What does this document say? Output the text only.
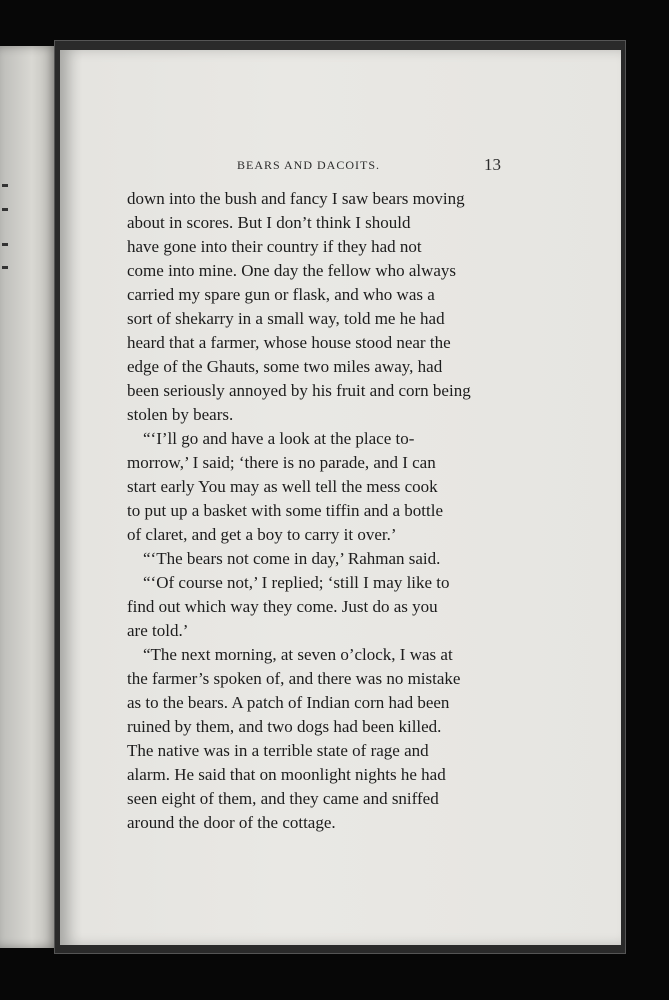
BEARS AND DACOITS.	13
down into the bush and fancy I saw bears moving
about in scores. But I don’t think I should
have gone into their country if they had not
come into mine. One day the fellow who always
carried my spare gun or flask, and who was a
sort of shekarry in a small way, told me he had
heard that a farmer, whose house stood near the
edge of the Ghauts, some two miles away, had
been seriously annoyed by his fruit and corn being
stolen by bears.
“‘I’ll go and have a look at the place to-
morrow,’ I said; ‘there is no parade, and I can
start early You may as well tell the mess cook
to put up a basket with some tiffin and a bottle
of claret, and get a boy to carry it over.’
“‘The bears not come in day,’ Rahman said.
“‘Of course not,’ I replied; ‘still I may like to
find out which way they come. Just do as you
are told.’
“The next morning, at seven o’clock, I was at
the farmer’s spoken of, and there was no mistake
as to the bears. A patch of Indian corn had been
ruined by them, and two dogs had been killed.
The native was in a terrible state of rage and
alarm. He said that on moonlight nights he had
seen eight of them, and they came and sniffed
around the door of the cottage.
